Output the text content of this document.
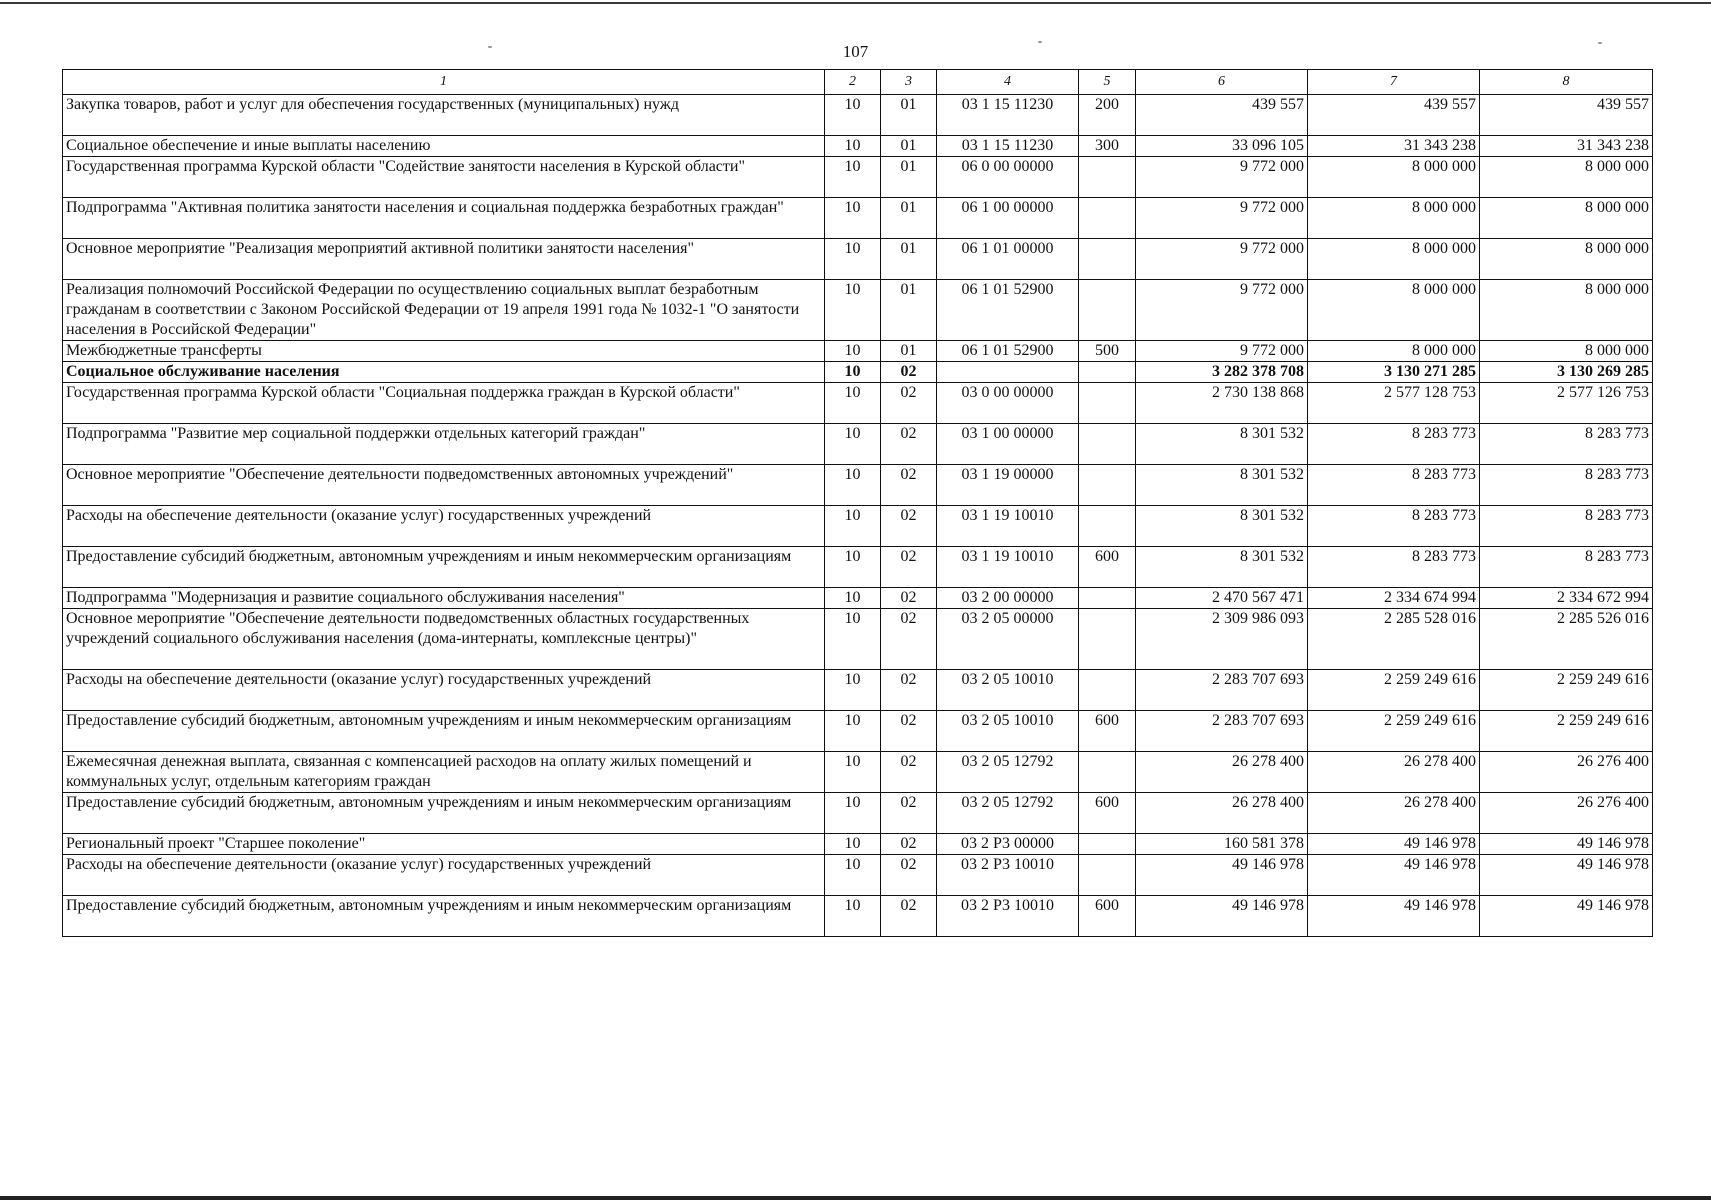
107
1	2	3	4	5	6	7	8
Закупка товаров, работ и услуг для обеспечения государственных (муниципальных) нужд	10	01	03 1 15 11230	200	439 557	439 557	439 557
Социальное обеспечение и иные выплаты населению	10	01	03 1 15 11230	300	33 096 105	31 343 238	31 343 238
Государственная программа Курской области "Содействие занятости населения в Курской области"	10	01	06 0 00 00000		9 772 000	8 000 000	8 000 000
Подпрограмма "Активная политика занятости населения и социальная поддержка безработных граждан"	10	01	06 1 00 00000		9 772 000	8 000 000	8 000 000
Основное мероприятие "Реализация мероприятий активной политики занятости населения"	10	01	06 1 01 00000		9 772 000	8 000 000	8 000 000
Реализация полномочий Российской Федерации по осуществлению социальных выплат безработным гражданам в соответствии с Законом Российской Федерации от 19 апреля 1991 года № 1032-1 "О занятости населения в Российской Федерации"	10	01	06 1 01 52900		9 772 000	8 000 000	8 000 000
Межбюджетные трансферты	10	01	06 1 01 52900	500	9 772 000	8 000 000	8 000 000
Социальное обслуживание населения	10	02			3 282 378 708	3 130 271 285	3 130 269 285
Государственная программа Курской области "Социальная поддержка граждан в Курской области"	10	02	03 0 00 00000		2 730 138 868	2 577 128 753	2 577 126 753
Подпрограмма "Развитие мер социальной поддержки отдельных категорий граждан"	10	02	03 1 00 00000		8 301 532	8 283 773	8 283 773
Основное мероприятие "Обеспечение деятельности подведомственных автономных учреждений"	10	02	03 1 19 00000		8 301 532	8 283 773	8 283 773
Расходы на обеспечение деятельности (оказание услуг) государственных учреждений	10	02	03 1 19 10010		8 301 532	8 283 773	8 283 773
Предоставление субсидий бюджетным, автономным учреждениям и иным некоммерческим организациям	10	02	03 1 19 10010	600	8 301 532	8 283 773	8 283 773
Подпрограмма "Модернизация и развитие социального обслуживания населения"	10	02	03 2 00 00000		2 470 567 471	2 334 674 994	2 334 672 994
Основное мероприятие "Обеспечение деятельности подведомственных областных государственных учреждений социального обслуживания населения (дома-интернаты, комплексные центры)"	10	02	03 2 05 00000		2 309 986 093	2 285 528 016	2 285 526 016
Расходы на обеспечение деятельности (оказание услуг) государственных учреждений	10	02	03 2 05 10010		2 283 707 693	2 259 249 616	2 259 249 616
Предоставление субсидий бюджетным, автономным учреждениям и иным некоммерческим организациям	10	02	03 2 05 10010	600	2 283 707 693	2 259 249 616	2 259 249 616
Ежемесячная денежная выплата, связанная с компенсацией расходов на оплату жилых помещений и коммунальных услуг, отдельным категориям граждан	10	02	03 2 05 12792		26 278 400	26 278 400	26 276 400
Предоставление субсидий бюджетным, автономным учреждениям и иным некоммерческим организациям	10	02	03 2 05 12792	600	26 278 400	26 278 400	26 276 400
Региональный проект "Старшее поколение"	10	02	03 2 P3 00000		160 581 378	49 146 978	49 146 978
Расходы на обеспечение деятельности (оказание услуг) государственных учреждений	10	02	03 2 P3 10010		49 146 978	49 146 978	49 146 978
Предоставление субсидий бюджетным, автономным учреждениям и иным некоммерческим организациям	10	02	03 2 P3 10010	600	49 146 978	49 146 978	49 146 978
